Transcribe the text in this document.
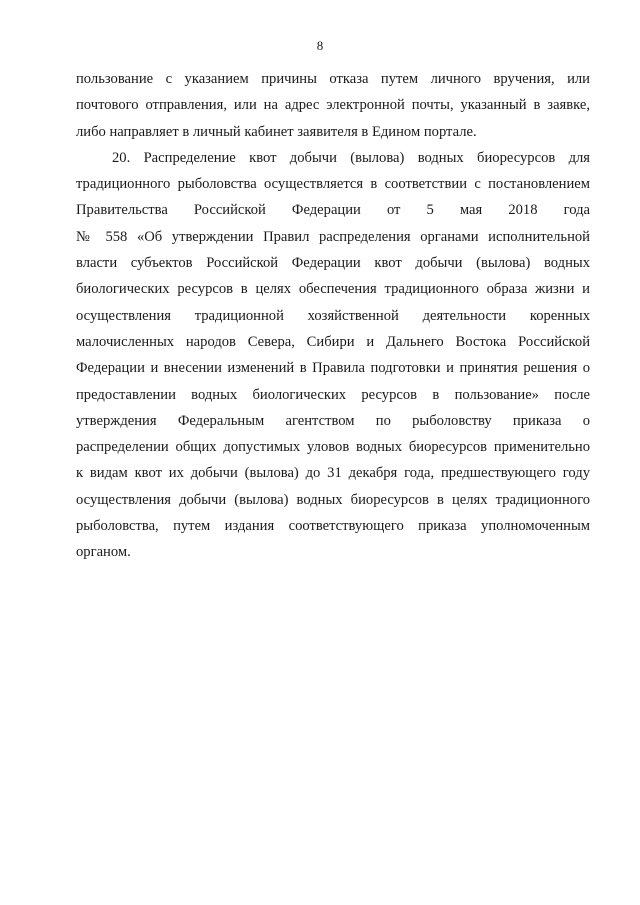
8
пользование с указанием причины отказа путем личного вручения, или
почтового отправления, или на адрес электронной почты, указанный в заявке,
либо направляет в личный кабинет заявителя в Едином портале.
20. Распределение квот добычи (вылова) водных биоресурсов для
традиционного рыболовства осуществляется в соответствии с постановлением
Правительства Российской Федерации от 5 мая 2018 года
№ 558 «Об утверждении Правил распределения органами исполнительной
власти субъектов Российской Федерации квот добычи (вылова) водных
биологических ресурсов в целях обеспечения традиционного образа жизни и
осуществления традиционной хозяйственной деятельности коренных
малочисленных народов Севера, Сибири и Дальнего Востока Российской
Федерации и внесении изменений в Правила подготовки и принятия решения о
предоставлении водных биологических ресурсов в пользование» после
утверждения Федеральным агентством по рыболовству приказа о
распределении общих допустимых уловов водных биоресурсов применительно
к видам квот их добычи (вылова) до 31 декабря года, предшествующего году
осуществления добычи (вылова) водных биоресурсов в целях традиционного
рыболовства, путем издания соответствующего приказа уполномоченным
органом.
